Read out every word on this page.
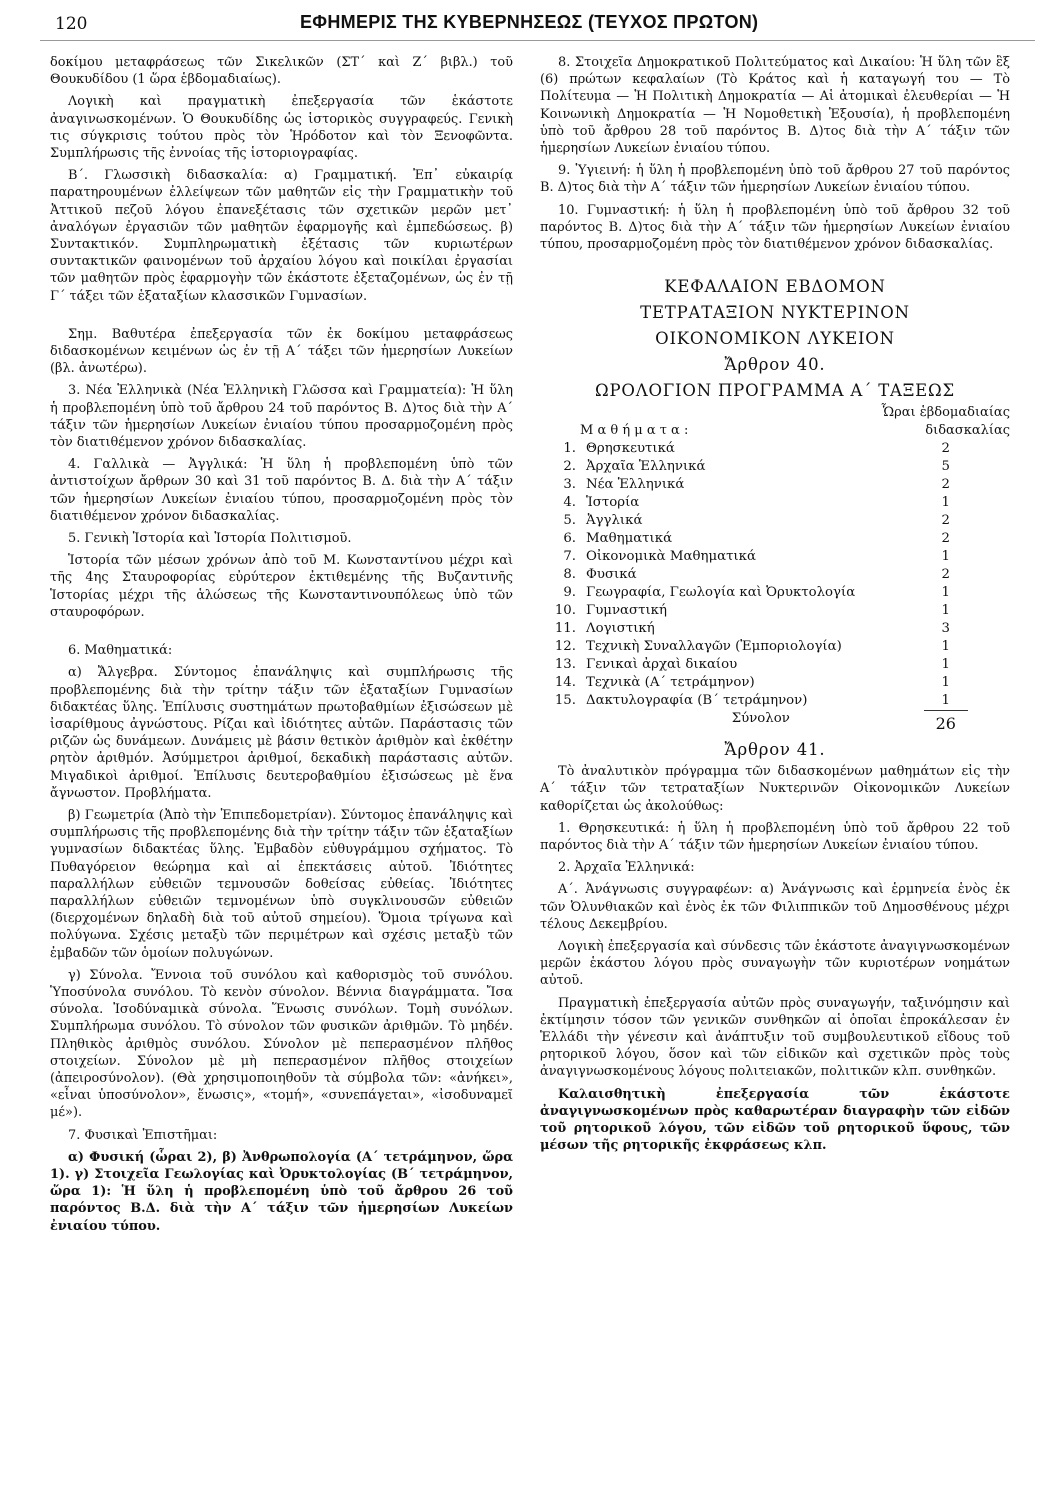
120	ΕΦΗΜΕΡΙΣ ΤΗΣ ΚΥΒΕΡΝΗΣΕΩΣ (ΤΕΥΧΟΣ ΠΡΩΤΟΝ)

δοκίμου μεταφράσεως τῶν Σικελικῶν (ΣΤ΄ καὶ Ζ΄ βιβλ.) τοῦ Θουκυδίδου (1 ὥρα ἑβδομαδιαίως).

Λογικὴ καὶ πραγματικὴ ἐπεξεργασία τῶν ἑκάστοτε ἀναγινωσκομένων. Ὁ Θουκυδίδης ὡς ἱστορικὸς συγγραφεύς. Γενικὴ τις σύγκρισις τούτου πρὸς τὸν Ἡρόδοτον καὶ τὸν Ξενοφῶντα. Συμπλήρωσις τῆς ἐννοίας τῆς ἱστοριογραφίας.

Β΄. Γλωσσικὴ διδασκαλία: α) Γραμματική. Ἐπ᾽ εὐκαιρίᾳ παρατηρουμένων ἐλλείψεων τῶν μαθητῶν εἰς τὴν Γραμματικὴν τοῦ Ἀττικοῦ πεζοῦ λόγου ἐπανεξέτασις τῶν σχετικῶν μερῶν μετ᾽ ἀναλόγων ἐργασιῶν τῶν μαθητῶν ἐφαρμογῆς καὶ ἐμπεδώσεως. β) Συντακτικόν. Συμπληρωματικὴ ἐξέτασις τῶν κυριωτέρων συντακτικῶν φαινομένων τοῦ ἀρχαίου λόγου καὶ ποικίλαι ἐργασίαι τῶν μαθητῶν πρὸς ἐφαρμογὴν τῶν ἑκάστοτε ἐξεταζομένων, ὡς ἐν τῇ Γ΄ τάξει τῶν ἑξαταξίων κλασσικῶν Γυμνασίων.

Σημ. Βαθυτέρα ἐπεξεργασία τῶν ἐκ δοκίμου μεταφράσεως διδασκομένων κειμένων ὡς ἐν τῇ Α΄ τάξει τῶν ἡμερησίων Λυκείων (βλ. ἀνωτέρω).

3. Νέα Ἑλληνικὰ (Νέα Ἑλληνικὴ Γλῶσσα καὶ Γραμματεία): Ἡ ὕλη ἡ προβλεπομένη ὑπὸ τοῦ ἄρθρου 24 τοῦ παρόντος Β. Δ)τος διὰ τὴν Α΄ τάξιν τῶν ἡμερησίων Λυκείων ἐνιαίου τύπου προσαρμοζομένη πρὸς τὸν διατιθέμενον χρόνον διδασκαλίας.

4. Γαλλικὰ — Ἀγγλικά: Ἡ ὕλη ἡ προβλεπομένη ὑπὸ τῶν ἀντιστοίχων ἄρθρων 30 καὶ 31 τοῦ παρόντος Β. Δ. διὰ τὴν Α΄ τάξιν τῶν ἡμερησίων Λυκείων ἐνιαίου τύπου, προσαρμοζομένη πρὸς τὸν διατιθέμενον χρόνον διδασκαλίας.

5. Γενικὴ Ἱστορία καὶ Ἱστορία Πολιτισμοῦ.

Ἱστορία τῶν μέσων χρόνων ἀπὸ τοῦ Μ. Κωνσταντίνου μέχρι καὶ τῆς 4ης Σταυροφορίας εὐρύτερον ἐκτιθεμένης τῆς Βυζαντινῆς Ἱστορίας μέχρι τῆς ἁλώσεως τῆς Κωνσταντινουπόλεως ὑπὸ τῶν σταυροφόρων.

6. Μαθηματικά:

α) Ἄλγεβρα. Σύντομος ἐπανάληψις καὶ συμπλήρωσις τῆς προβλεπομένης διὰ τὴν τρίτην τάξιν τῶν ἑξαταξίων Γυμνασίων διδακτέας ὕλης. Ἐπίλυσις συστημάτων πρωτοβαθμίων ἐξισώσεων μὲ ἰσαρίθμους ἀγνώστους. Ρίζαι καὶ ἰδιότητες αὐτῶν. Παράστασις τῶν ριζῶν ὡς δυνάμεων. Δυνάμεις μὲ βάσιν θετικὸν ἀριθμὸν καὶ ἐκθέτην ρητὸν ἀριθμόν. Ἀσύμμετροι ἀριθμοί, δεκαδικὴ παράστασις αὐτῶν. Μιγαδικοὶ ἀριθμοί. Ἐπίλυσις δευτεροβαθμίου ἐξισώσεως μὲ ἕνα ἄγνωστον. Προβλήματα.

β) Γεωμετρία (Ἀπὸ τὴν Ἐπιπεδομετρίαν). Σύντομος ἐπανάληψις καὶ συμπλήρωσις τῆς προβλεπομένης διὰ τὴν τρίτην τάξιν τῶν ἑξαταξίων γυμνασίων διδακτέας ὕλης. Ἐμβαδὸν εὐθυγράμμου σχήματος. Τὸ Πυθαγόρειον θεώρημα καὶ αἱ ἐπεκτάσεις αὐτοῦ. Ἰδιότητες παραλλήλων εὐθειῶν τεμνουσῶν δοθείσας εὐθείας. Ἰδιότητες παραλλήλων εὐθειῶν τεμνομένων ὑπὸ συγκλινουσῶν εὐθειῶν (διερχομένων δηλαδὴ διὰ τοῦ αὐτοῦ σημείου). Ὅμοια τρίγωνα καὶ πολύγωνα. Σχέσις μεταξὺ τῶν περιμέτρων καὶ σχέσις μεταξὺ τῶν ἐμβαδῶν τῶν ὁμοίων πολυγώνων.

γ) Σύνολα. Ἔννοια τοῦ συνόλου καὶ καθορισμὸς τοῦ συνόλου. Ὑποσύνολα συνόλου. Τὸ κενὸν σύνολον. Βέννια διαγράμματα. Ἴσα σύνολα. Ἰσοδύναμικὰ σύνολα. Ἕνωσις συνόλων. Τομὴ συνόλων. Συμπλήρωμα συνόλου. Τὸ σύνολον τῶν φυσικῶν ἀριθμῶν. Τὸ μηδέν. Πληθικὸς ἀριθμὸς συνόλου. Σύνολον μὲ πεπερασμένον πλῆθος στοιχείων. Σύνολον μὲ μὴ πεπερασμένον πλῆθος στοιχείων (ἀπειροσύνολον). (Θὰ χρησιμοποιηθοῦν τὰ σύμβολα τῶν: «ἀνήκει», «εἶναι ὑποσύνολον», ἕνωσις», «τομή», «συνεπάγεται», «ἰσοδυναμεῖ μέ»).

7. Φυσικαὶ Ἐπιστῆμαι:

α) Φυσική (ὧραι 2), β) Ἀνθρωπολογία (Α΄ τετράμηνον, ὥρα 1). γ) Στοιχεῖα Γεωλογίας καὶ Ὀρυκτολογίας (Β΄ τετράμηνον, ὥρα 1): Ἡ ὕλη ἡ προβλεπομένη ὑπὸ τοῦ ἄρθρου 26 τοῦ παρόντος Β.Δ. διὰ τὴν Α΄ τάξιν τῶν ἡμερησίων Λυκείων ἐνιαίου τύπου.

8. Στοιχεῖα Δημοκρατικοῦ Πολιτεύματος καὶ Δικαίου: Ἡ ὕλη τῶν ἓξ (6) πρώτων κεφαλαίων (Τὸ Κράτος καὶ ἡ καταγωγή του — Τὸ Πολίτευμα — Ἡ Πολιτικὴ Δημοκρατία — Αἱ ἀτομικαὶ ἐλευθερίαι — Ἡ Κοινωνικὴ Δημοκρατία — Ἡ Νομοθετικὴ Ἐξουσία), ἡ προβλεπομένη ὑπὸ τοῦ ἄρθρου 28 τοῦ παρόντος Β. Δ)τος διὰ τὴν Α΄ τάξιν τῶν ἡμερησίων Λυκείων ἐνιαίου τύπου.

9. Ὑγιεινή: ἡ ὕλη ἡ προβλεπομένη ὑπὸ τοῦ ἄρθρου 27 τοῦ παρόντος Β. Δ)τος διὰ τὴν Α΄ τάξιν τῶν ἡμερησίων Λυκείων ἐνιαίου τύπου.

10. Γυμναστική: ἡ ὕλη ἡ προβλεπομένη ὑπὸ τοῦ ἄρθρου 32 τοῦ παρόντος Β. Δ)τος διὰ τὴν Α΄ τάξιν τῶν ἡμερησίων Λυκείων ἐνιαίου τύπου, προσαρμοζομένη πρὸς τὸν διατιθέμενον χρόνον διδασκαλίας.

ΚΕΦΑΛΑΙΟΝ ΕΒΔΟΜΟΝ

ΤΕΤΡΑΤΑΞΙΟΝ ΝΥΚΤΕΡΙΝΟΝ

ΟΙΚΟΝΟΜΙΚΟΝ ΛΥΚΕΙΟΝ

Ἄρθρον 40.

ΩΡΟΛΟΓΙΟΝ ΠΡΟΓΡΑΜΜΑ Α΄ ΤΑΞΕΩΣ

		Ὧραι ἑβδομαδιαίας
Μ α θ ή μ α τ α :		διδασκαλίας
1.	Θρησκευτικά	2
2.	Ἀρχαῖα Ἑλληνικά	5
3.	Νέα Ἑλληνικά	2
4.	Ἱστορία	1
5.	Ἀγγλικά	2
6.	Μαθηματικά	2
7.	Οἰκονομικὰ Μαθηματικά	1
8.	Φυσικά	2
9.	Γεωγραφία, Γεωλογία καὶ Ὀρυκτολογία	1
10.	Γυμναστική	1
11.	Λογιστική	3
12.	Τεχνικὴ Συναλλαγῶν (Ἐμποριολογία)	1
13.	Γενικαὶ ἀρχαὶ δικαίου	1
14.	Τεχνικὰ (Α΄ τετράμηνον)	1
15.	Δακτυλογραφία (Β΄ τετράμηνον)	1
	Σύνολον	26

Ἄρθρον 41.

Τὸ ἀναλυτικὸν πρόγραμμα τῶν διδασκομένων μαθημάτων εἰς τὴν Α΄ τάξιν τῶν τετραταξίων Νυκτερινῶν Οἰκονομικῶν Λυκείων καθορίζεται ὡς ἀκολούθως:

1. Θρησκευτικά: ἡ ὕλη ἡ προβλεπομένη ὑπὸ τοῦ ἄρθρου 22 τοῦ παρόντος διὰ τὴν Α΄ τάξιν τῶν ἡμερησίων Λυκείων ἐνιαίου τύπου.

2. Ἀρχαῖα Ἑλληνικά:

Α΄. Ἀνάγνωσις συγγραφέων: α) Ἀνάγνωσις καὶ ἑρμηνεία ἑνὸς ἐκ τῶν Ὀλυνθιακῶν καὶ ἑνὸς ἐκ τῶν Φιλιππικῶν τοῦ Δημοσθένους μέχρι τέλους Δεκεμβρίου.

Λογικὴ ἐπεξεργασία καὶ σύνδεσις τῶν ἑκάστοτε ἀναγιγνωσκομένων μερῶν ἑκάστου λόγου πρὸς συναγωγὴν τῶν κυριοτέρων νοημάτων αὐτοῦ.

Πραγματικὴ ἐπεξεργασία αὐτῶν πρὸς συναγωγήν, ταξινόμησιν καὶ ἐκτίμησιν τόσον τῶν γενικῶν συνθηκῶν αἱ ὁποῖαι ἐπροκάλεσαν ἐν Ἑλλάδι τὴν γένεσιν καὶ ἀνάπτυξιν τοῦ συμβουλευτικοῦ εἴδους τοῦ ρητορικοῦ λόγου, ὅσον καὶ τῶν εἰδικῶν καὶ σχετικῶν πρὸς τοὺς ἀναγιγνωσκομένους λόγους πολιτειακῶν, πολιτικῶν κλπ. συνθηκῶν.

Καλαισθητικὴ ἐπεξεργασία τῶν ἑκάστοτε ἀναγιγνωσκομένων πρὸς καθαρωτέραν διαγραφὴν τῶν εἰδῶν τοῦ ρητορικοῦ λόγου, τῶν εἰδῶν τοῦ ρητορικοῦ ὕφους, τῶν μέσων τῆς ρητορικῆς ἐκφράσεως κλπ.
